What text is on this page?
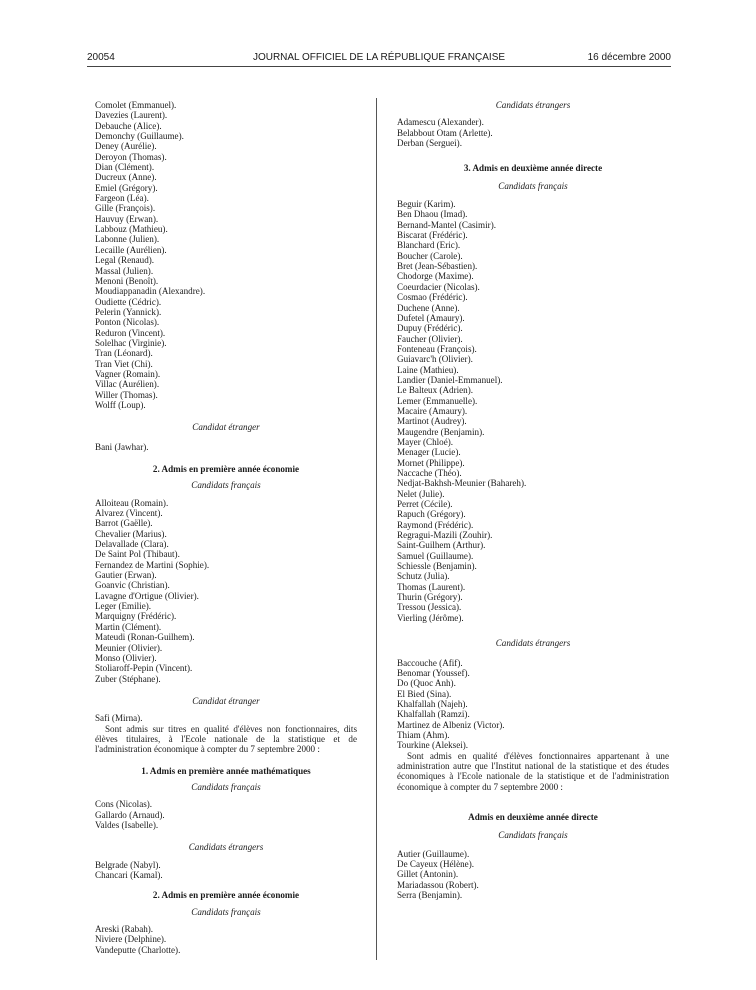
20054	JOURNAL OFFICIEL DE LA RÉPUBLIQUE FRANÇAISE	16 décembre 2000
Comolet (Emmanuel).
Davezies (Laurent).
Debauche (Alice).
Demonchy (Guillaume).
Deney (Aurélie).
Deroyon (Thomas).
Dian (Clément).
Ducreux (Anne).
Emiel (Grégory).
Fargeon (Léa).
Gille (François).
Hauvuy (Erwan).
Labbouz (Mathieu).
Labonne (Julien).
Lecaille (Aurélien).
Legal (Renaud).
Massal (Julien).
Menoni (Benoît).
Moudiappanadin (Alexandre).
Oudiette (Cédric).
Pelerin (Yannick).
Ponton (Nicolas).
Reduron (Vincent).
Solelhac (Virginie).
Tran (Léonard).
Tran Viet (Chi).
Vagner (Romain).
Villac (Aurélien).
Willer (Thomas).
Wolff (Loup).
Candidat étranger
Bani (Jawhar).
2. Admis en première année économie
Candidats français
Alloiteau (Romain).
Alvarez (Vincent).
Barrot (Gaëlle).
Chevalier (Marius).
Delavallade (Clara).
De Saint Pol (Thibaut).
Fernandez de Martini (Sophie).
Gautier (Erwan).
Goanvic (Christian).
Lavagne d'Ortigue (Olivier).
Leger (Emilie).
Marquigny (Frédéric).
Martin (Clément).
Mateudi (Ronan-Guilhem).
Meunier (Olivier).
Monso (Olivier).
Stoliaroff-Pepin (Vincent).
Zuber (Stéphane).
Candidat étranger
Safi (Mirna).
Sont admis sur titres en qualité d'élèves non fonctionnaires, dits élèves titulaires, à l'Ecole nationale de la statistique et de l'administration économique à compter du 7 septembre 2000 :
1. Admis en première année mathématiques
Candidats français
Cons (Nicolas).
Gallardo (Arnaud).
Valdes (Isabelle).
Candidats étrangers
Belgrade (Nabyl).
Chancari (Kamal).
2. Admis en première année économie
Candidats français
Areski (Rabah).
Niviere (Delphine).
Vandeputte (Charlotte).
Candidats étrangers
Adamescu (Alexander).
Belabbout Otam (Arlette).
Derban (Serguei).
3. Admis en deuxième année directe
Candidats français
Beguir (Karim).
Ben Dhaou (Imad).
Bernand-Mantel (Casimir).
Biscarat (Frédéric).
Blanchard (Eric).
Boucher (Carole).
Bret (Jean-Sébastien).
Chodorge (Maxime).
Coeurdacier (Nicolas).
Cosmao (Frédéric).
Duchene (Anne).
Dufetel (Amaury).
Dupuy (Frédéric).
Faucher (Olivier).
Fonteneau (François).
Guiavarc'h (Olivier).
Laine (Mathieu).
Landier (Daniel-Emmanuel).
Le Balteux (Adrien).
Lemer (Emmanuelle).
Macaire (Amaury).
Martinot (Audrey).
Maugendre (Benjamin).
Mayer (Chloé).
Menager (Lucie).
Mornet (Philippe).
Naccache (Théo).
Nedjat-Bakhsh-Meunier (Bahareh).
Nelet (Julie).
Perret (Cécile).
Rapuch (Grégory).
Raymond (Frédéric).
Regragui-Mazili (Zouhir).
Saint-Guilhem (Arthur).
Samuel (Guillaume).
Schiessle (Benjamin).
Schutz (Julia).
Thomas (Laurent).
Thurin (Grégory).
Tressou (Jessica).
Vierling (Jérôme).
Candidats étrangers
Baccouche (Afif).
Benomar (Youssef).
Do (Quoc Anh).
El Bied (Sina).
Khalfallah (Najeh).
Khalfallah (Ramzi).
Martinez de Albeniz (Victor).
Thiam (Ahm).
Tourkine (Aleksei).
Sont admis en qualité d'élèves fonctionnaires appartenant à une administration autre que l'Institut national de la statistique et des études économiques à l'Ecole nationale de la statistique et de l'administration économique à compter du 7 septembre 2000 :
Admis en deuxième année directe
Candidats français
Autier (Guillaume).
De Cayeux (Hélène).
Gillet (Antonin).
Mariadassou (Robert).
Serra (Benjamin).
